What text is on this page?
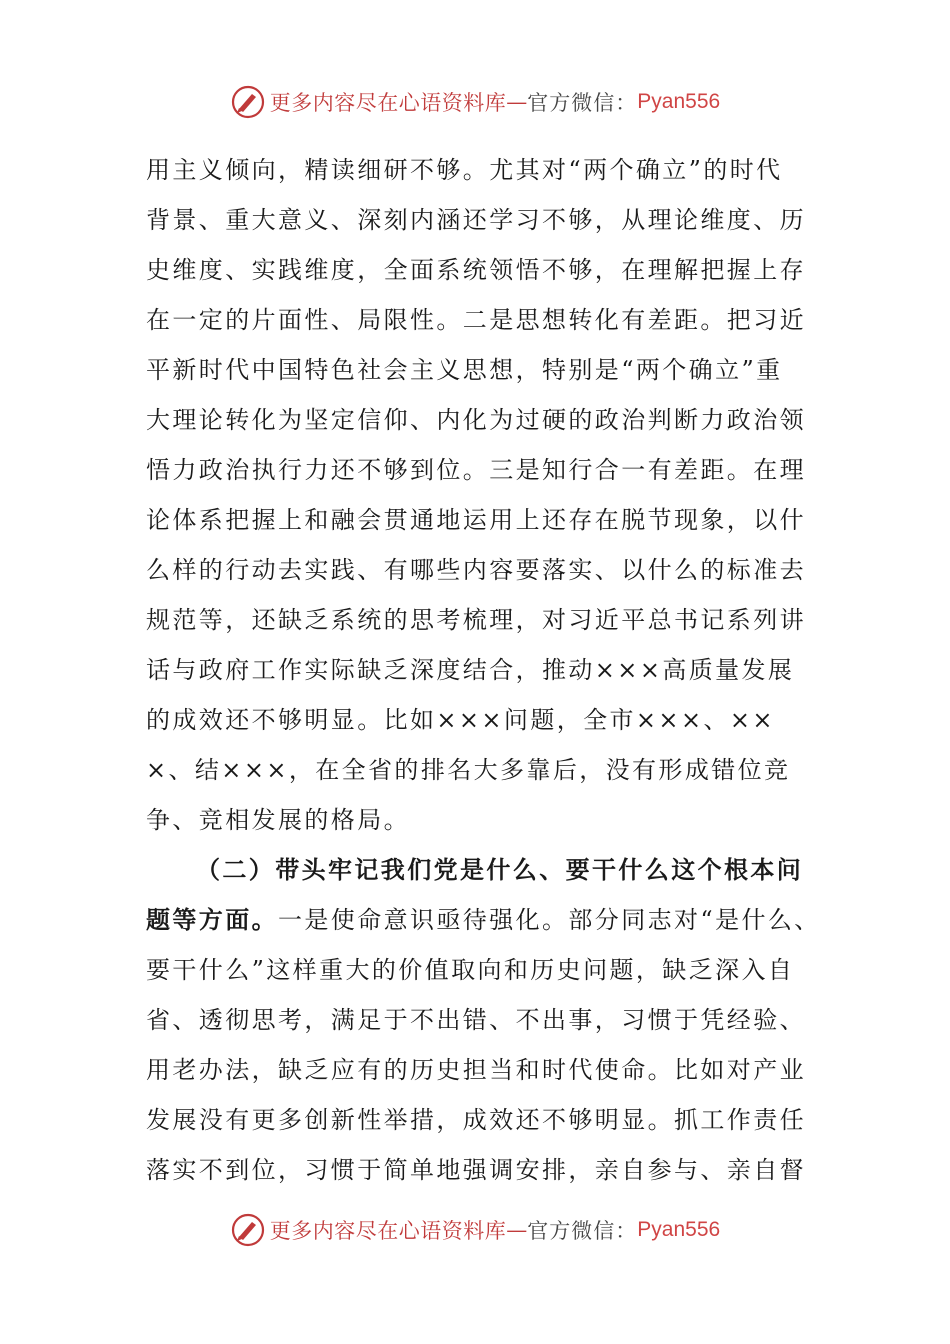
更多内容尽在心语资料库 — 官方微信： Pyan556
用主义倾向，精读细研不够。尤其对“两个确立”的时代
背景、重大意义、深刻内涵还学习不够，从理论维度、历
史维度、实践维度，全面系统领悟不够，在理解把握上存
在一定的片面性、局限性。二是思想转化有差距。把习近
平新时代中国特色社会主义思想，特别是“两个确立”重
大理论转化为坚定信仰、内化为过硬的政治判断力政治领
悟力政治执行力还不够到位。三是知行合一有差距。在理
论体系把握上和融会贯通地运用上还存在脱节现象，以什
么样的行动去实践、有哪些内容要落实、以什么的标准去
规范等，还缺乏系统的思考梳理，对习近平总书记系列讲
话与政府工作实际缺乏深度结合，推动×××高质量发展
的成效还不够明显。比如×××问题，全市×××、××
×、结×××，在全省的排名大多靠后，没有形成错位竞
争、竞相发展的格局。
（二）带头牢记我们党是什么、要干什么这个根本问
题等方面。一是使命意识亟待强化。部分同志对“是什么、
要干什么”这样重大的价值取向和历史问题，缺乏深入自
省、透彻思考，满足于不出错、不出事，习惯于凭经验、
用老办法，缺乏应有的历史担当和时代使命。比如对产业
发展没有更多创新性举措，成效还不够明显。抓工作责任
落实不到位，习惯于简单地强调安排，亲自参与、亲自督
更多内容尽在心语资料库 — 官方微信： Pyan556
